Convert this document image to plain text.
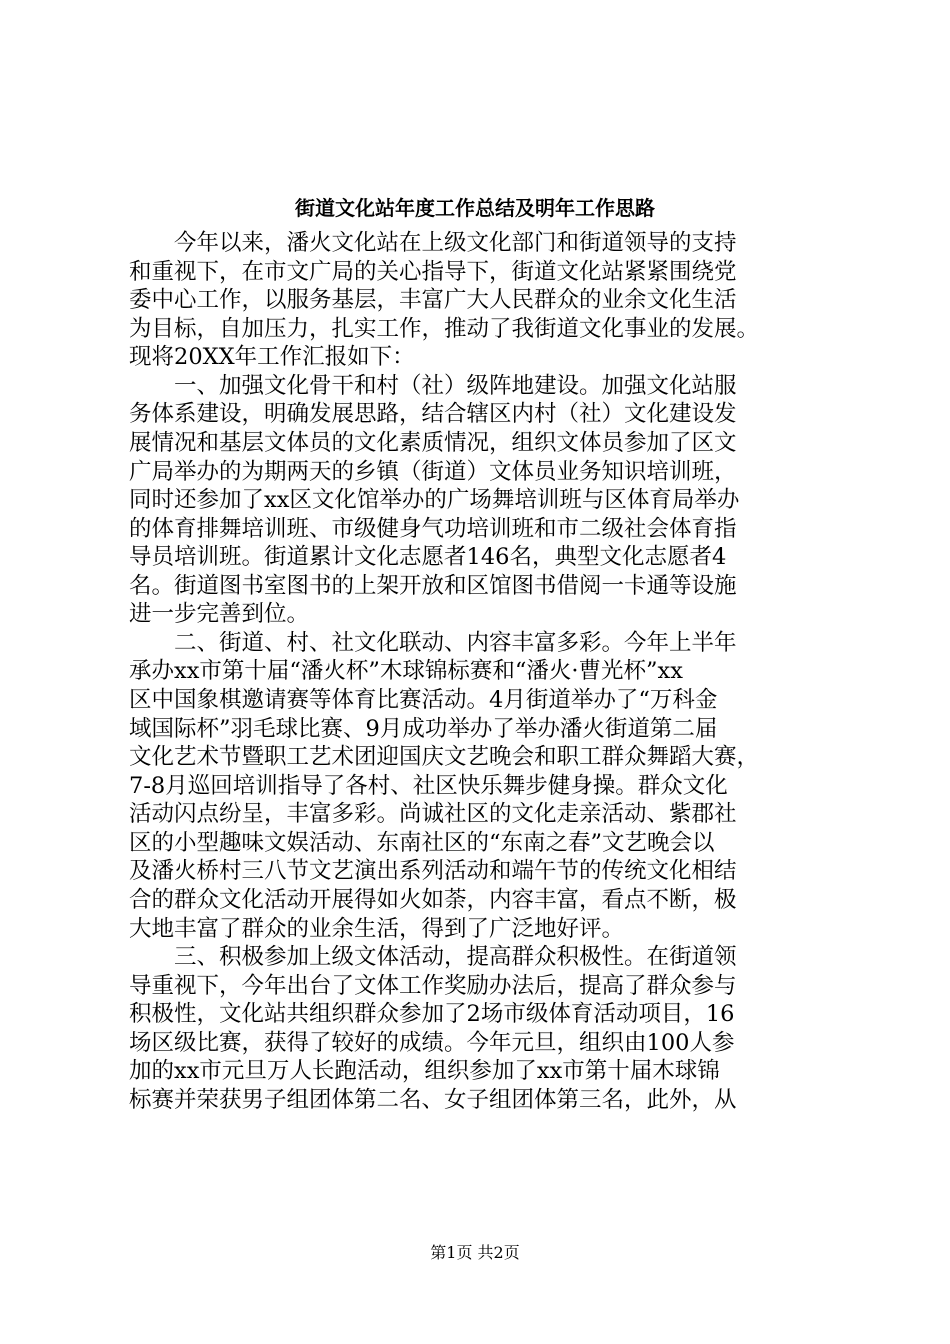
街道文化站年度工作总结及明年工作思路
　　今年以来，潘火文化站在上级文化部门和街道领导的支持
和重视下，在市文广局的关心指导下，街道文化站紧紧围绕党
委中心工作，以服务基层，丰富广大人民群众的业余文化生活
为目标，自加压力，扎实工作，推动了我街道文化事业的发展。
现将20XX年工作汇报如下：
　　一、加强文化骨干和村（社）级阵地建设。加强文化站服
务体系建设，明确发展思路，结合辖区内村（社）文化建设发
展情况和基层文体员的文化素质情况，组织文体员参加了区文
广局举办的为期两天的乡镇（街道）文体员业务知识培训班，
同时还参加了xx区文化馆举办的广场舞培训班与区体育局举办
的体育排舞培训班、市级健身气功培训班和市二级社会体育指
导员培训班。街道累计文化志愿者146名，典型文化志愿者4
名。街道图书室图书的上架开放和区馆图书借阅一卡通等设施
进一步完善到位。
　　二、街道、村、社文化联动、内容丰富多彩。今年上半年
承办xx市第十届“潘火杯”木球锦标赛和“潘火·曹光杯”xx
区中国象棋邀请赛等体育比赛活动。4月街道举办了“万科金
域国际杯”羽毛球比赛、9月成功举办了举办潘火街道第二届
文化艺术节暨职工艺术团迎国庆文艺晚会和职工群众舞蹈大赛，
7-8月巡回培训指导了各村、社区快乐舞步健身操。群众文化
活动闪点纷呈，丰富多彩。尚诚社区的文化走亲活动、紫郡社
区的小型趣味文娱活动、东南社区的“东南之春”文艺晚会以
及潘火桥村三八节文艺演出系列活动和端午节的传统文化相结
合的群众文化活动开展得如火如荼，内容丰富，看点不断，极
大地丰富了群众的业余生活，得到了广泛地好评。
　　三、积极参加上级文体活动，提高群众积极性。在街道领
导重视下，今年出台了文体工作奖励办法后，提高了群众参与
积极性，文化站共组织群众参加了2场市级体育活动项目，16
场区级比赛，获得了较好的成绩。今年元旦，组织由100人参
加的xx市元旦万人长跑活动，组织参加了xx市第十届木球锦
标赛并荣获男子组团体第二名、女子组团体第三名，此外，从
第1页 共2页
